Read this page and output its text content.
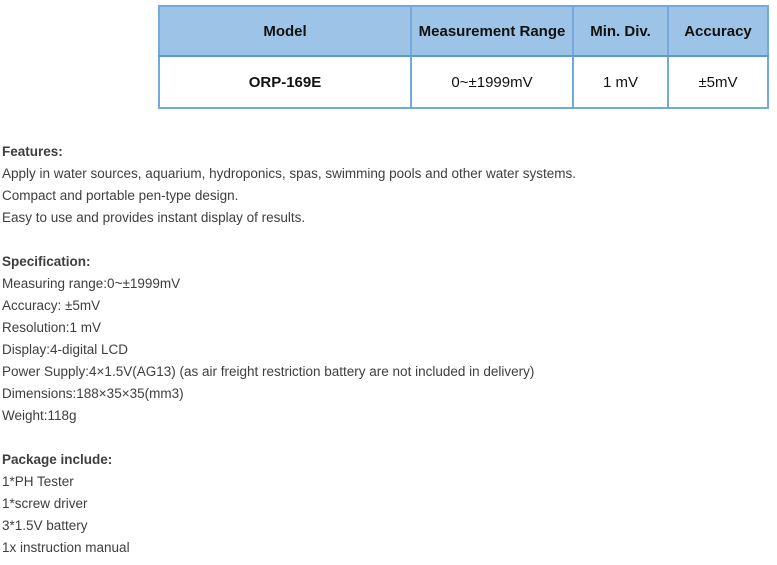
Model	Measurement Range	Min. Div.	Accuracy
ORP-169E	0~±1999mV	1 mV	±5mV
Features:
Apply in water sources, aquarium, hydroponics, spas, swimming pools and other water systems.
Compact and portable pen-type design.
Easy to use and provides instant display of results.
Specification:
Measuring range:0~±1999mV
Accuracy: ±5mV
Resolution:1 mV
Display:4-digital LCD
Power Supply:4×1.5V(AG13) (as air freight restriction battery are not included in delivery)
Dimensions:188×35×35(mm3)
Weight:118g
Package include:
1*PH Tester
1*screw driver
3*1.5V battery
1x instruction manual
